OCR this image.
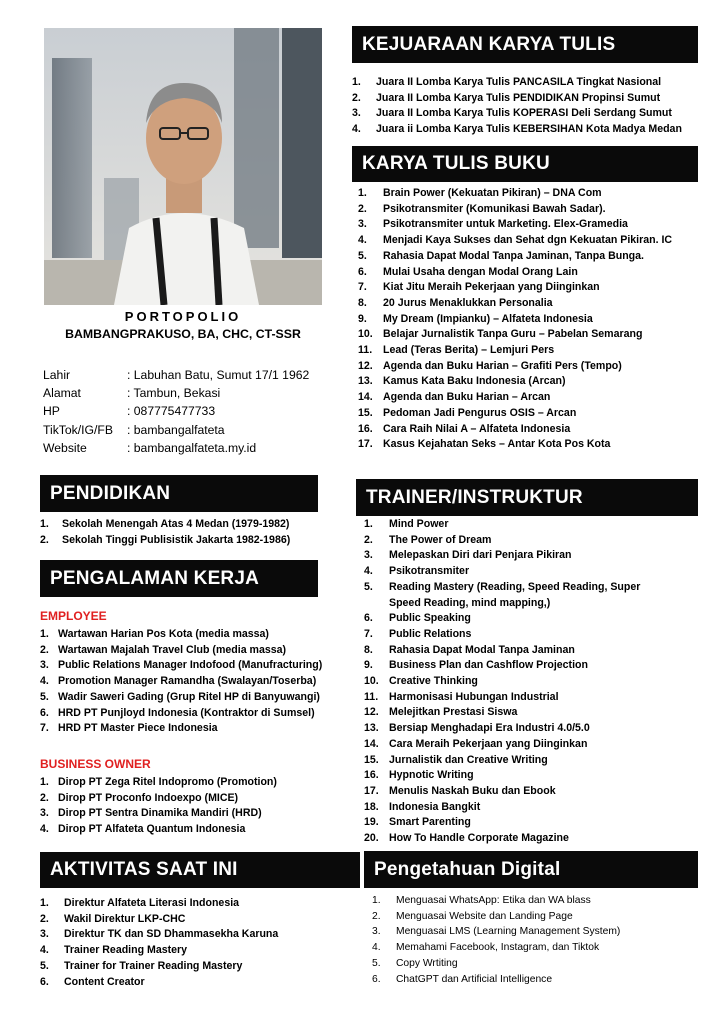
PORTOPOLIO
BAMBANGPRAKUSO, BA, CHC, CT-SSR
Lahir	: Labuhan Batu, Sumut 17/1 1962
Alamat	: Tambun, Bekasi
HP	: 087775477733
TikTok/IG/FB	: bambangalfateta
Website	: bambangalfateta.my.id
PENDIDIKAN
1.	Sekolah Menengah Atas 4 Medan (1979-1982)
2.	Sekolah Tinggi Publisistik Jakarta 1982-1986)
PENGALAMAN KERJA
EMPLOYEE
1. Wartawan Harian Pos Kota (media massa)
2. Wartawan Majalah Travel Club (media massa)
3. Public Relations Manager Indofood (Manufracturing)
4. Promotion Manager Ramandha (Swalayan/Toserba)
5. Wadir Saweri Gading (Grup Ritel HP di Banyuwangi)
6. HRD PT Punjloyd Indonesia (Kontraktor di Sumsel)
7. HRD PT Master Piece Indonesia
BUSINESS OWNER
1. Dirop PT Zega Ritel Indopromo (Promotion)
2. Dirop PT Proconfo Indoexpo (MICE)
3. Dirop PT Sentra Dinamika Mandiri (HRD)
4. Dirop PT Alfateta Quantum Indonesia
AKTIVITAS SAAT INI
1.	Direktur Alfateta Literasi Indonesia
2.	Wakil Direktur LKP-CHC
3.	Direktur TK dan SD Dhammasekha Karuna
4.	Trainer Reading Mastery
5.	Trainer for Trainer Reading Mastery
6.	Content Creator
KEJUARAAN KARYA TULIS
1.	Juara II Lomba Karya Tulis PANCASILA Tingkat Nasional
2.	Juara II Lomba Karya Tulis PENDIDIKAN Propinsi Sumut
3.	Juara II Lomba Karya Tulis KOPERASI Deli Serdang Sumut
4.	Juara ii Lomba Karya Tulis KEBERSIHAN Kota Madya Medan
KARYA TULIS BUKU
1.	Brain Power (Kekuatan Pikiran) – DNA Com
2.	Psikotransmiter (Komunikasi Bawah Sadar).
3.	Psikotransmiter untuk Marketing. Elex-Gramedia
4.	Menjadi Kaya Sukses dan Sehat dgn Kekuatan Pikiran. IC
5.	Rahasia Dapat Modal Tanpa Jaminan, Tanpa Bunga.
6.	Mulai Usaha dengan Modal Orang Lain
7.	Kiat Jitu Meraih Pekerjaan yang Diinginkan
8.	20 Jurus Menaklukkan Personalia
9.	My Dream (Impianku) – Alfateta Indonesia
10. Belajar Jurnalistik Tanpa Guru – Pabelan Semarang
11.	Lead (Teras Berita) – Lemjuri Pers
12. Agenda dan Buku Harian – Grafiti Pers (Tempo)
13. Kamus Kata Baku Indonesia (Arcan)
14. Agenda dan Buku Harian – Arcan
15. Pedoman Jadi Pengurus OSIS – Arcan
16. Cara Raih Nilai A – Alfateta Indonesia
17. Kasus Kejahatan Seks – Antar Kota Pos Kota
TRAINER/INSTRUKTUR
1.	Mind Power
2.	The Power of Dream
3.	Melepaskan Diri dari Penjara Pikiran
4.	Psikotransmiter
5.	Reading Mastery (Reading, Speed Reading, Super Speed Reading, mind mapping,)
6.	Public Speaking
7.	Public Relations
8.	Rahasia Dapat Modal Tanpa Jaminan
9.	Business Plan dan Cashflow Projection
10. Creative Thinking
11.	Harmonisasi Hubungan Industrial
12. Melejitkan Prestasi Siswa
13. Bersiap Menghadapi Era Industri 4.0/5.0
14. Cara Meraih Pekerjaan yang Diinginkan
15. Jurnalistik dan Creative Writing
16. Hypnotic Writing
17. Menulis Naskah Buku dan Ebook
18. Indonesia Bangkit
19. Smart Parenting
20. How To Handle Corporate Magazine
Pengetahuan Digital
1.	Menguasai WhatsApp: Etika dan WA blass
2.	Menguasai Website dan Landing Page
3.	Menguasai LMS (Learning Management System)
4.	Memahami Facebook, Instagram, dan Tiktok
5.	Copy Wrtiting
6.	ChatGPT dan Artificial Intelligence
